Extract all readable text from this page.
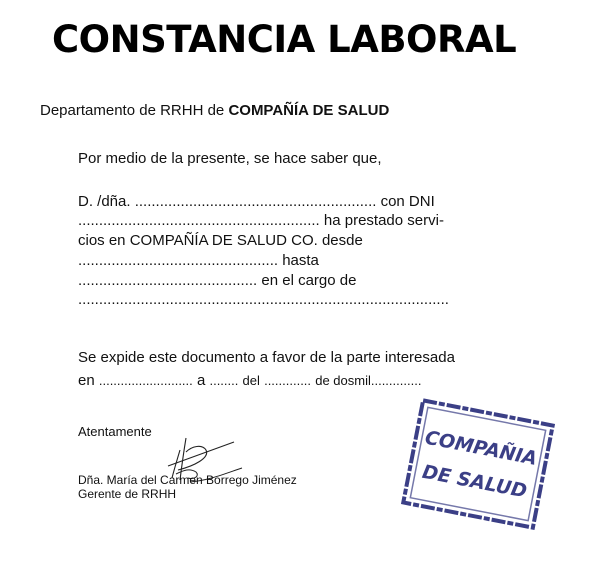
CONSTANCIA LABORAL
Departamento de RRHH de COMPAÑÍA DE SALUD
Por medio de la presente, se hace saber que,
D. /dña. .......................................................... con DNI
.......................................................... ha prestado servi-
cios en COMPAÑÍA DE SALUD CO. desde
................................................ hasta
........................................... en el cargo de
.........................................................................................
Se expide este documento a favor de la parte interesada
en .......................... a ........ del ............. de dosmil..............
Atentamente
Dña. María del Carmen Borrego Jiménez
Gerente de RRHH
COMPAÑIA
DE SALUD
